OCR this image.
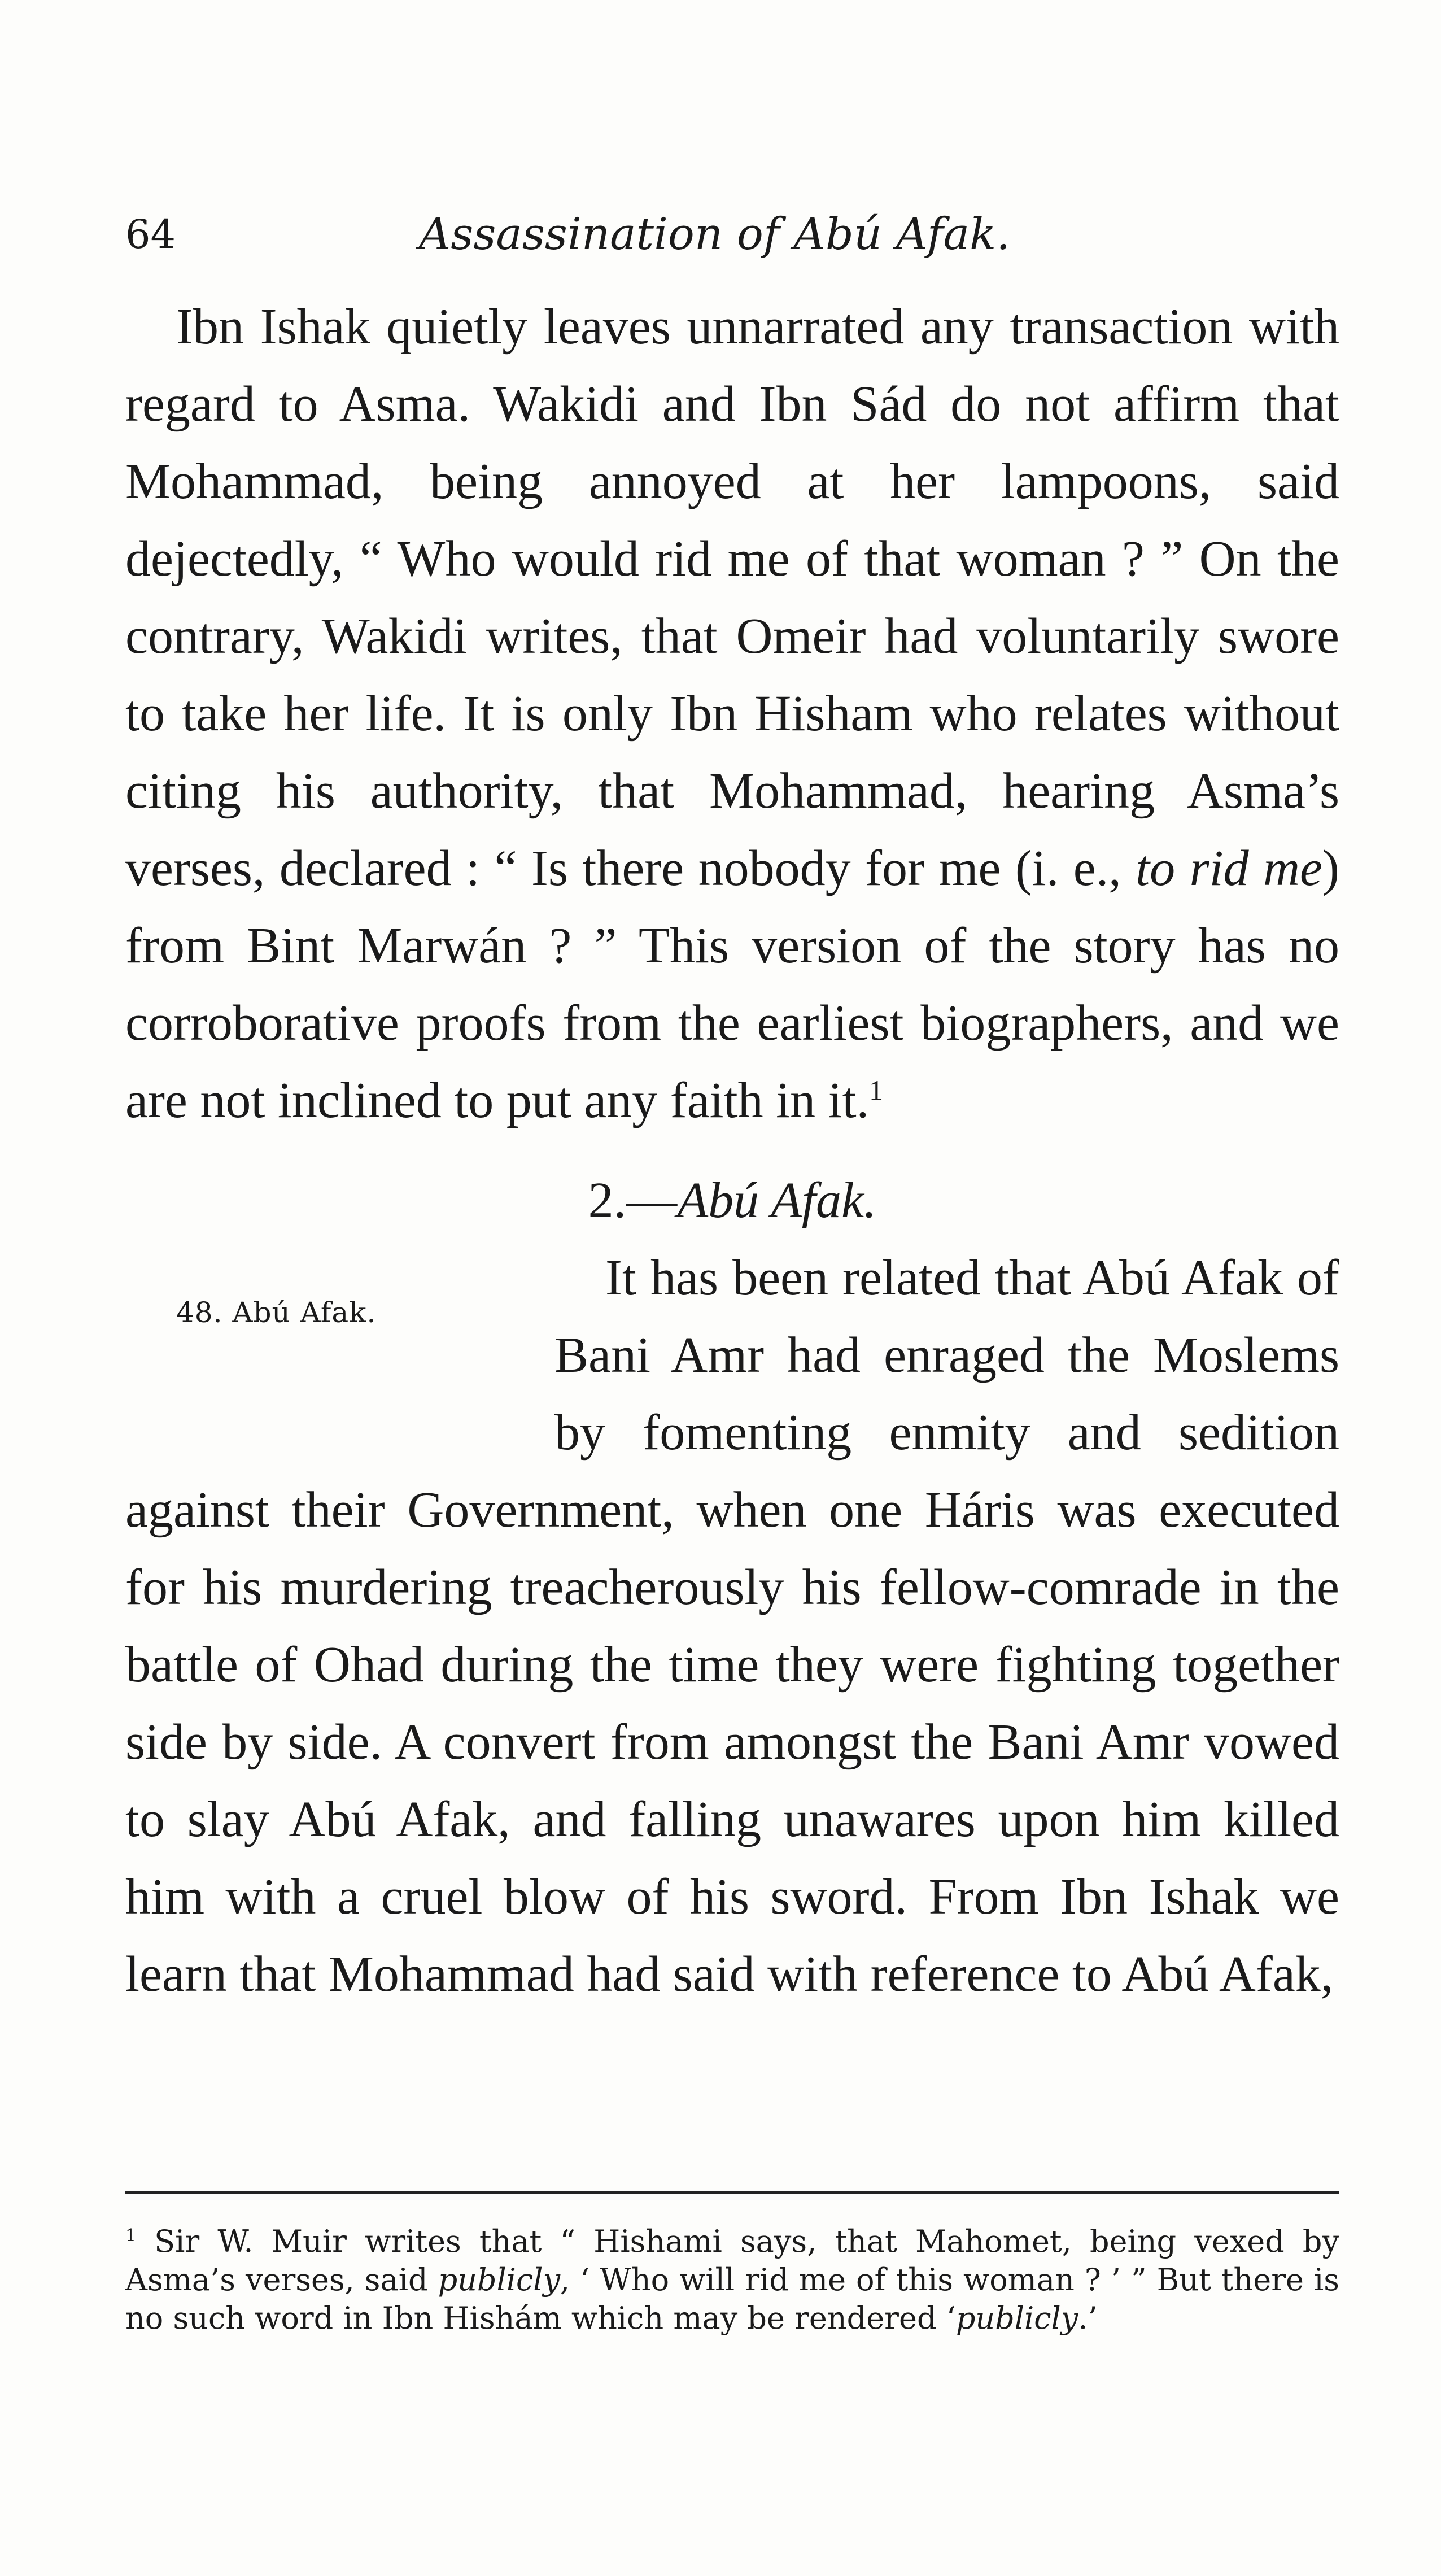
64	Assassination of Abú Afak.

Ibn Ishak quietly leaves unnarrated any transaction with regard to Asma. Wakidi and Ibn Sád do not affirm that Mohammad, being annoyed at her lampoons, said dejectedly, “ Who would rid me of that woman ? ” On the contrary, Wakidi writes, that Omeir had voluntarily swore to take her life. It is only Ibn Hisham who relates without citing his authority, that Mohammad, hearing Asma’s verses, declared : “ Is there nobody for me (i. e., to rid me) from Bint Marwán ? ” This version of the story has no corroborative proofs from the earliest biographers, and we are not inclined to put any faith in it.$^1$

2.—Abú Afak.

48. Abú Afak.
It has been related that Abú Afak of Bani Amr had enraged the Moslems by fomenting enmity and sedition against their Government, when one Háris was executed for his murdering treacherously his fellow-comrade in the battle of Ohad during the time they were fighting together side by side. A convert from amongst the Bani Amr vowed to slay Abú Afak, and falling unawares upon him killed him with a cruel blow of his sword. From Ibn Ishak we learn that Mohammad had said with reference to Abú Afak,

$^1$ Sir W. Muir writes that “ Hishami says, that Mahomet, being vexed by Asma’s verses, said publicly, ‘ Who will rid me of this woman ? ’ ” But there is no such word in Ibn Hishám which may be rendered ‘publicly.’
